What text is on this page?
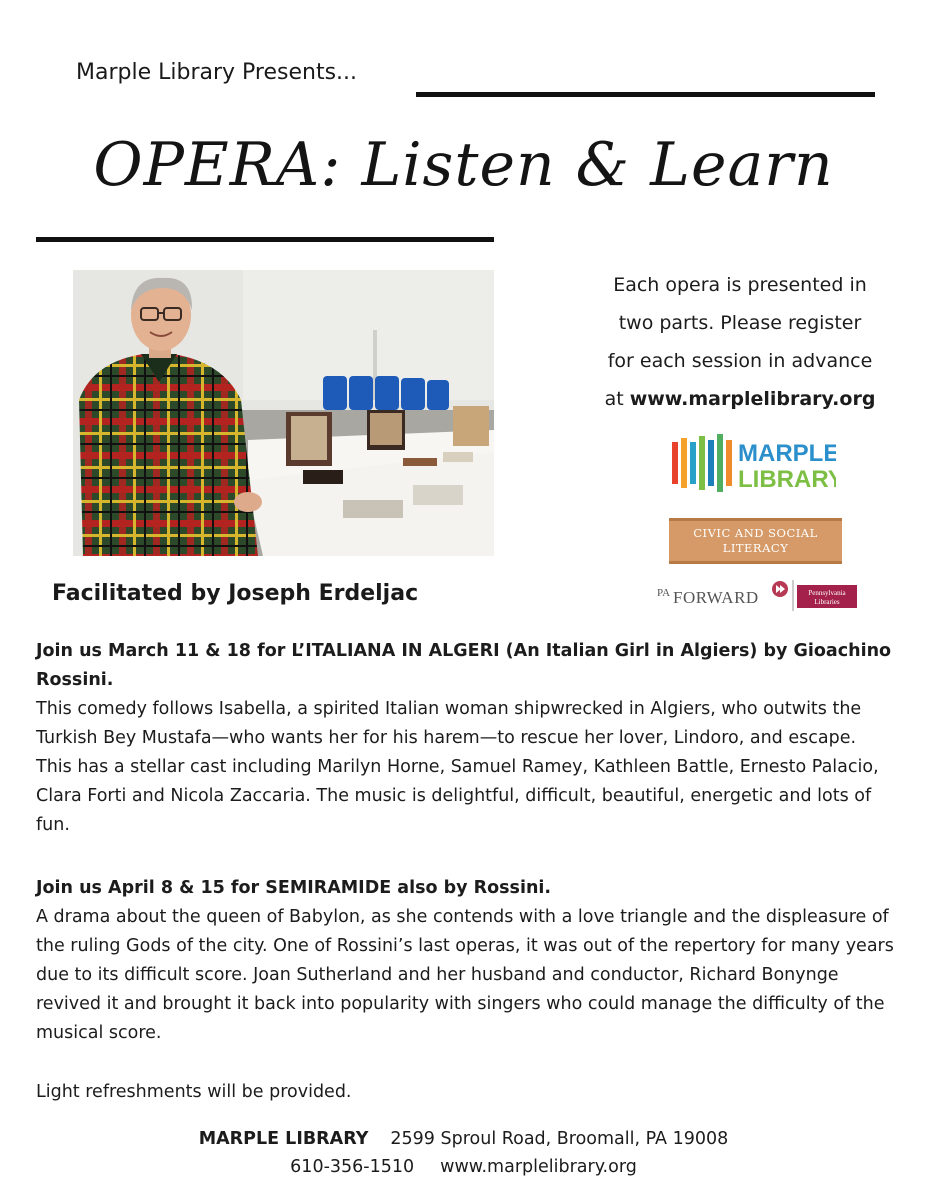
Marple Library Presents...
OPERA: Listen & Learn
Each opera is presented in
two parts. Please register
for each session in advance
at www.marplelibrary.org
MARPLE
LIBRARY
CIVIC AND SOCIAL
LITERACY
PA FORWARD	Pennsylvania
Libraries
Facilitated by Joseph Erdeljac

Join us March 11 & 18 for L’ITALIANA IN ALGERI (An Italian Girl in Algiers) by Gioachino Rossini.

This comedy follows Isabella, a spirited Italian woman shipwrecked in Algiers, who outwits the Turkish Bey Mustafa—who wants her for his harem—to rescue her lover, Lindoro, and escape. This has a stellar cast including Marilyn Horne, Samuel Ramey, Kathleen Battle, Ernesto Palacio, Clara Forti and Nicola Zaccaria. The music is delightful, difficult, beautiful, energetic and lots of fun.

Join us April 8 & 15 for SEMIRAMIDE also by Rossini.

A drama about the queen of Babylon, as she contends with a love triangle and the displeasure of the ruling Gods of the city. One of Rossini’s last operas, it was out of the repertory for many years due to its difficult score. Joan Sutherland and her husband and conductor, Richard Bonynge revived it and brought it back into popularity with singers who could manage the difficulty of the musical score.

Light refreshments will be provided.
MARPLE LIBRARY 2599 Sproul Road, Broomall, PA 19008
610-356-1510 www.marplelibrary.org
